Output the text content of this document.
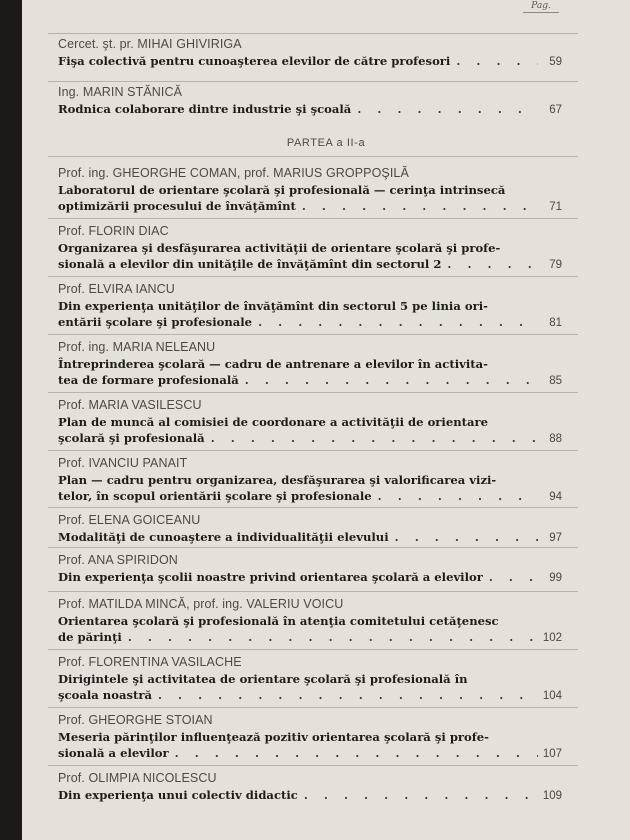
Pag.
Cercet. şt. pr. MIHAI GHIVIRIGA
Fişa colectivă pentru cunoaşterea elevilor de către profesori . . .	59
Ing. MARIN STĂNICĂ
Rodnica colaborare dintre industrie şi şcoală . . .	67
PARTEA a II-a
Prof. ing. GHEORGHE COMAN, prof. MARIUS GROPPOŞILĂ
Laboratorul de orientare şcolară şi profesională — cerinţa intrinsecă
optimizării procesului de învăţămînt . . .	71
Prof. FLORIN DIAC
Organizarea şi desfăşurarea activităţii de orientare şcolară şi profe-
sională a elevilor din unităţile de învăţămînt din sectorul 2 . . .	79
Prof. ELVIRA IANCU
Din experienţa unităţilor de învăţămînt din sectorul 5 pe linia ori-
entării şcolare şi profesionale . . .	81
Prof. ing. MARIA NELEANU
Întreprinderea şcolară — cadru de antrenare a elevilor în activita-
tea de formare profesională . . .	85
Prof. MARIA VASILESCU
Plan de muncă al comisiei de coordonare a activităţii de orientare
şcolară şi profesională . . .	88
Prof. IVANCIU PANAIT
Plan — cadru pentru organizarea, desfăşurarea şi valorificarea vizi-
telor, în scopul orientării şcolare şi profesionale . . .	94
Prof. ELENA GOICEANU
Modalităţi de cunoaştere a individualităţii elevului . . .	97
Prof. ANA SPIRIDON
Din experienţa şcolii noastre privind orientarea şcolară a elevilor . . .	99
Prof. MATILDA MINCĂ, prof. ing. VALERIU VOICU
Orientarea şcolară şi profesională în atenţia comitetului cetăţenesc
de părinţi . . .	102
Prof. FLORENTINA VASILACHE
Dirigintele şi activitatea de orientare şcolară şi profesională în
şcoala noastră . . .	104
Prof. GHEORGHE STOIAN
Meseria părinţilor influenţează pozitiv orientarea şcolară şi profe-
sională a elevilor . . .	107
Prof. OLIMPIA NICOLESCU
Din experienţa unui colectiv didactic . . .	109
